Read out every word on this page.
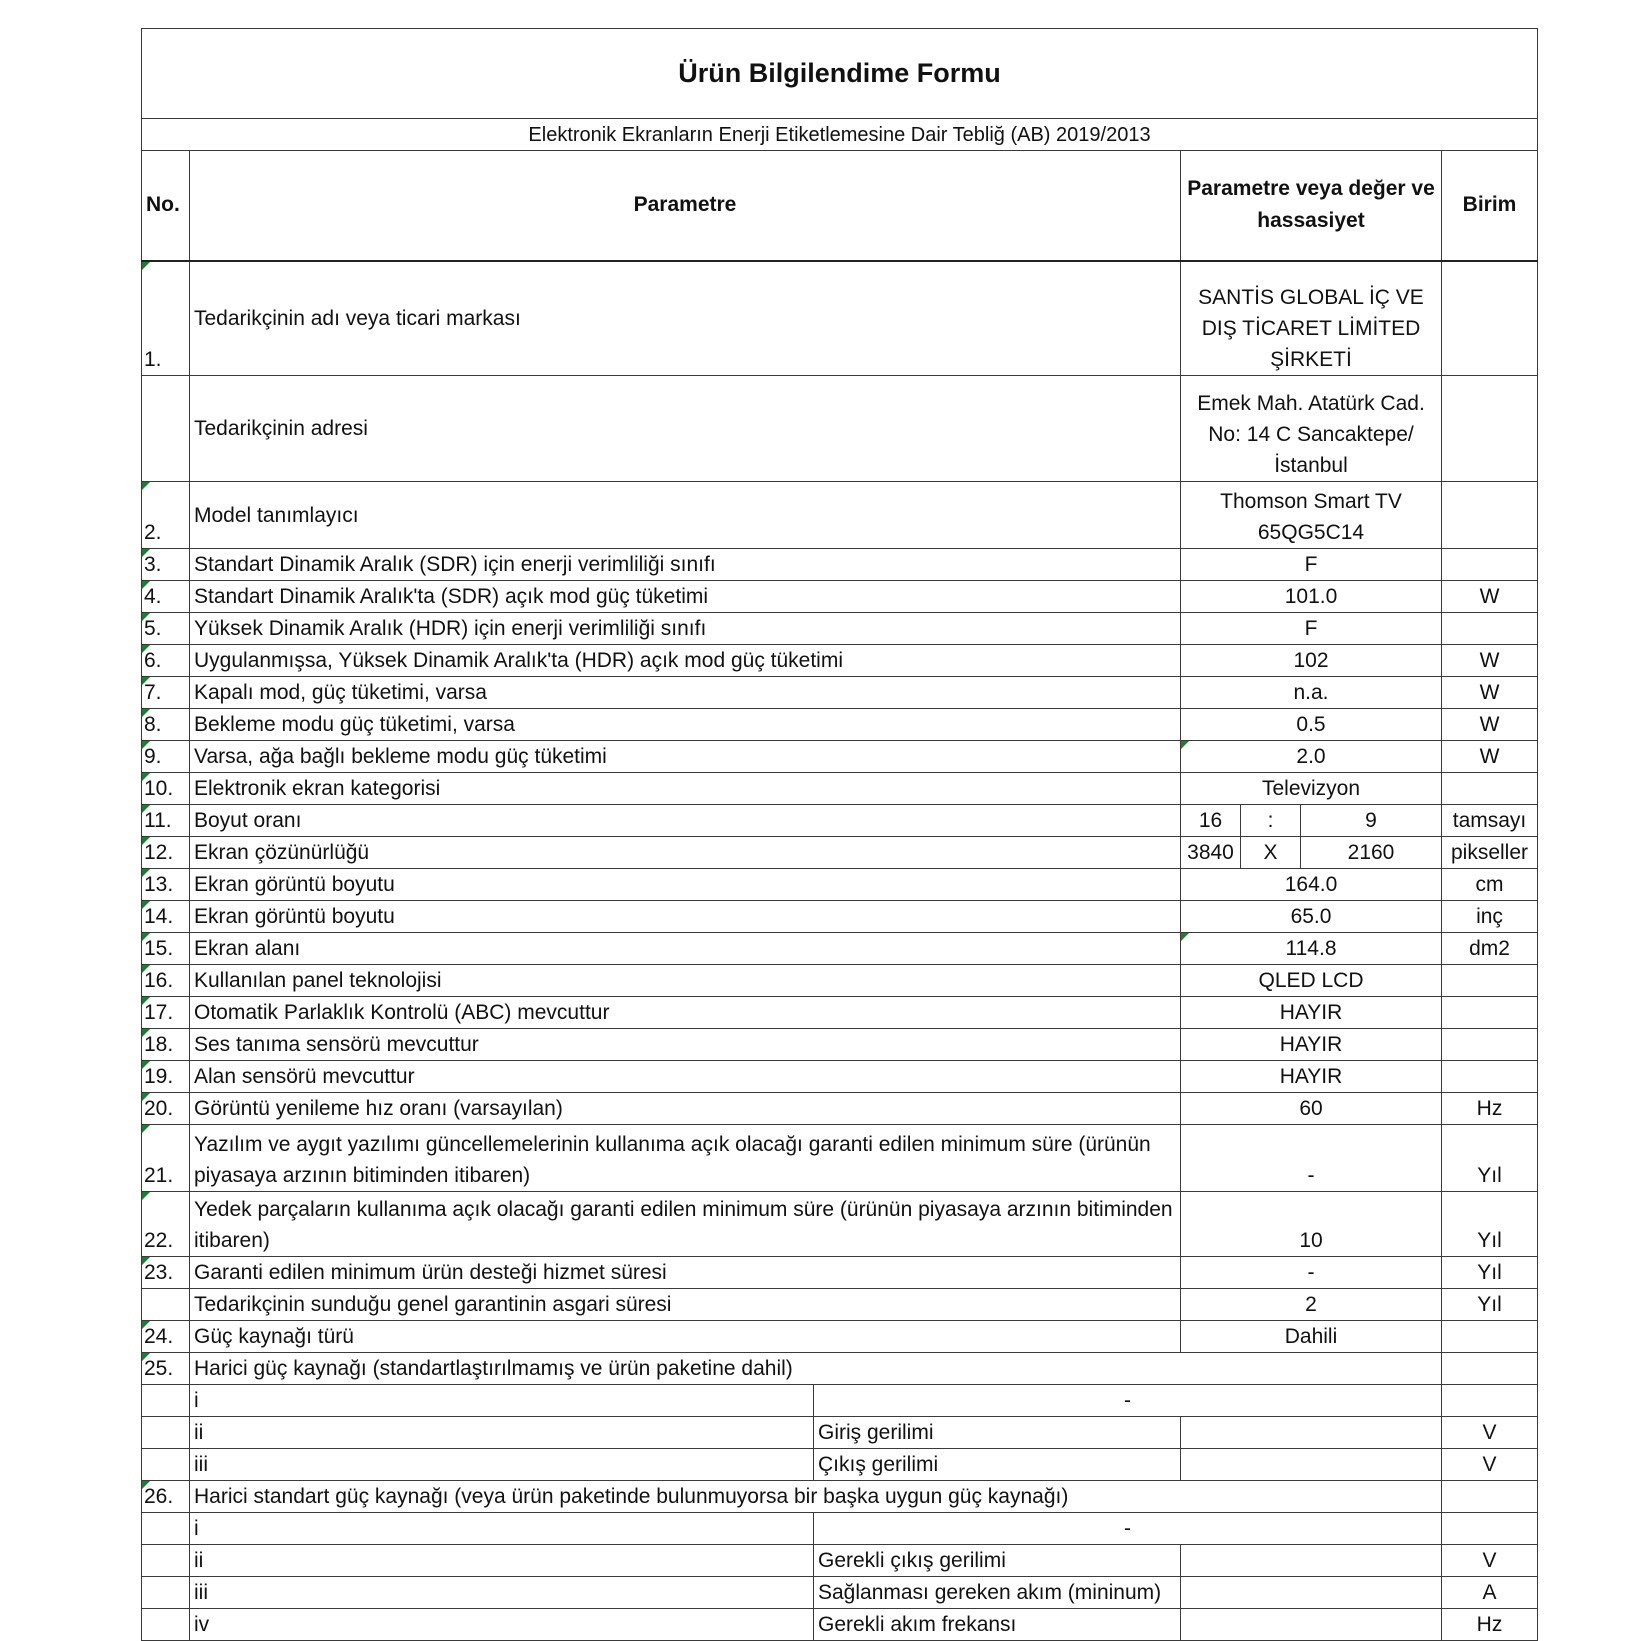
Ürün Bilgilendime Formu						
Elektronik Ekranların Enerji Etiketlemesine Dair Tebliğ (AB) 2019/2013						
No.	Parametre		Parametre veya değer ve hassasiyet			Birim
1.	Tedarikçinin adı veya ticari markası		SANTİS GLOBAL İÇ VE DIŞ TİCARET LİMİTED ŞİRKETİ			
	Tedarikçinin adresi		Emek Mah. Atatürk Cad. No: 14 C Sancaktepe/İstanbul			
2.	Model tanımlayıcı		Thomson Smart TV 65QG5C14			
3.	Standart Dinamik Aralık (SDR) için enerji verimliliği sınıfı		F			
4.	Standart Dinamik Aralık'ta (SDR) açık mod güç tüketimi		101.0			W
5.	Yüksek Dinamik Aralık (HDR) için enerji verimliliği sınıfı		F			
6.	Uygulanmışsa, Yüksek Dinamik Aralık'ta (HDR) açık mod güç tüketimi		102			W
7.	Kapalı mod, güç tüketimi, varsa		n.a.			W
8.	Bekleme modu güç tüketimi, varsa		0.5			W
9.	Varsa, ağa bağlı bekleme modu güç tüketimi		2.0			W
10.	Elektronik ekran kategorisi		Televizyon			
11.	Boyut oranı		16	:	9	tamsayı
12.	Ekran çözünürlüğü		3840	X	2160	pikseller
13.	Ekran görüntü boyutu		164.0			cm
14.	Ekran görüntü boyutu		65.0			inç
15.	Ekran alanı		114.8			dm2
16.	Kullanılan panel teknolojisi		QLED LCD			
17.	Otomatik Parlaklık Kontrolü (ABC) mevcuttur		HAYIR			
18.	Ses tanıma sensörü mevcuttur		HAYIR			
19.	Alan sensörü mevcuttur		HAYIR			
20.	Görüntü yenileme hız oranı (varsayılan)		60			Hz
21.	Yazılım ve aygıt yazılımı güncellemelerinin kullanıma açık olacağı garanti edilen minimum süre (ürünün piyasaya arzının bitiminden itibaren)		-			Yıl
22.	Yedek parçaların kullanıma açık olacağı garanti edilen minimum süre (ürünün piyasaya arzının bitiminden itibaren)		10			Yıl
23.	Garanti edilen minimum ürün desteği hizmet süresi		-			Yıl
	Tedarikçinin sunduğu genel garantinin asgari süresi		2			Yıl
24.	Güç kaynağı türü		Dahili			
25.	Harici güç kaynağı (standartlaştırılmamış ve ürün paketine dahil)					
	i	-				
	ii	Giriş gerilimi				V
	iii	Çıkış gerilimi				V
26.	Harici standart güç kaynağı (veya ürün paketinde bulunmuyorsa bir başka uygun güç kaynağı)					
	i	-				
	ii	Gerekli çıkış gerilimi				V
	iii	Sağlanması gereken akım (mininum)				A
	iv	Gerekli akım frekansı				Hz
